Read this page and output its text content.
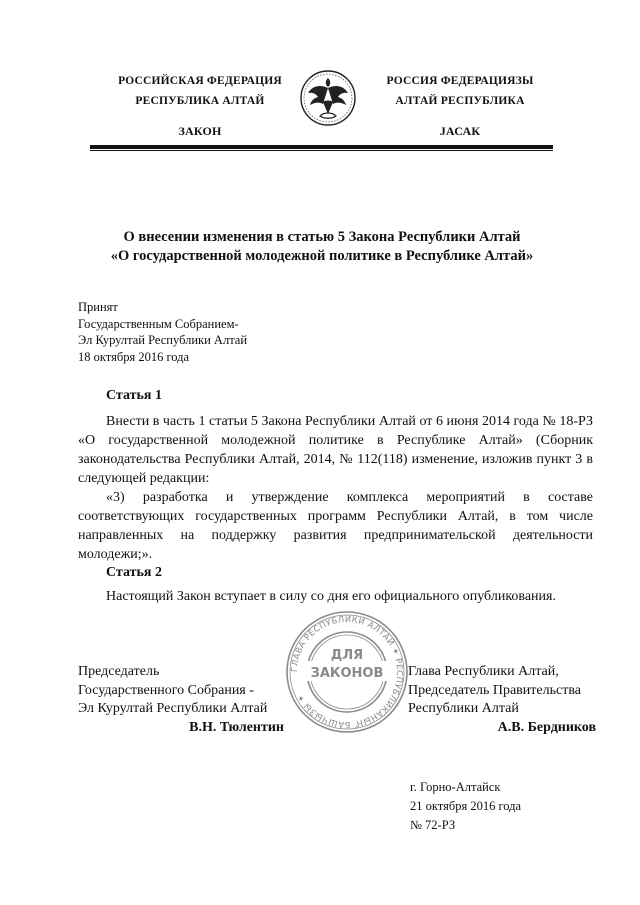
РОССИЙСКАЯ ФЕДЕРАЦИЯ
РЕСПУБЛИКА АЛТАЙ
ЗАКОН
РОССИЯ ФЕДЕРАЦИЯЗЫ
АЛТАЙ РЕСПУБЛИКА
JАСАК
О внесении изменения в статью 5 Закона Республики Алтай
«О государственной молодежной политике в Республике Алтай»
Принят
Государственным Собранием-
Эл Курултай Республики Алтай
18 октября 2016 года
Статья 1
Внести в часть 1 статьи 5 Закона Республики Алтай от 6 июня 2014 года № 18-РЗ «О государственной молодежной политике в Республике Алтай» (Сборник законодательства Республики Алтай, 2014, № 112(118) изменение, изложив пункт 3 в следующей редакции:
«3) разработка и утверждение комплекса мероприятий в составе соответствующих государственных программ Республики Алтай, в том числе направленных на поддержку развития предпринимательской деятельности молодежи;».
Статья 2
Настоящий Закон вступает в силу со дня его официального опубликования.
Председатель
Государственного Собрания -
Эл Курултай Республики Алтай
В.Н. Тюлентин
ГЛАВА РЕСПУБЛИКИ АЛТАЙ ✦ РЕСПУБЛИКАНЫҤ БАШЧЫЗЫ ✦
ДЛЯ
ЗАКОНОВ Глава Республики Алтай,
Председатель Правительства
Республики Алтай
А.В. Бердников
г. Горно-Алтайск
21 октября 2016 года
№ 72-РЗ
